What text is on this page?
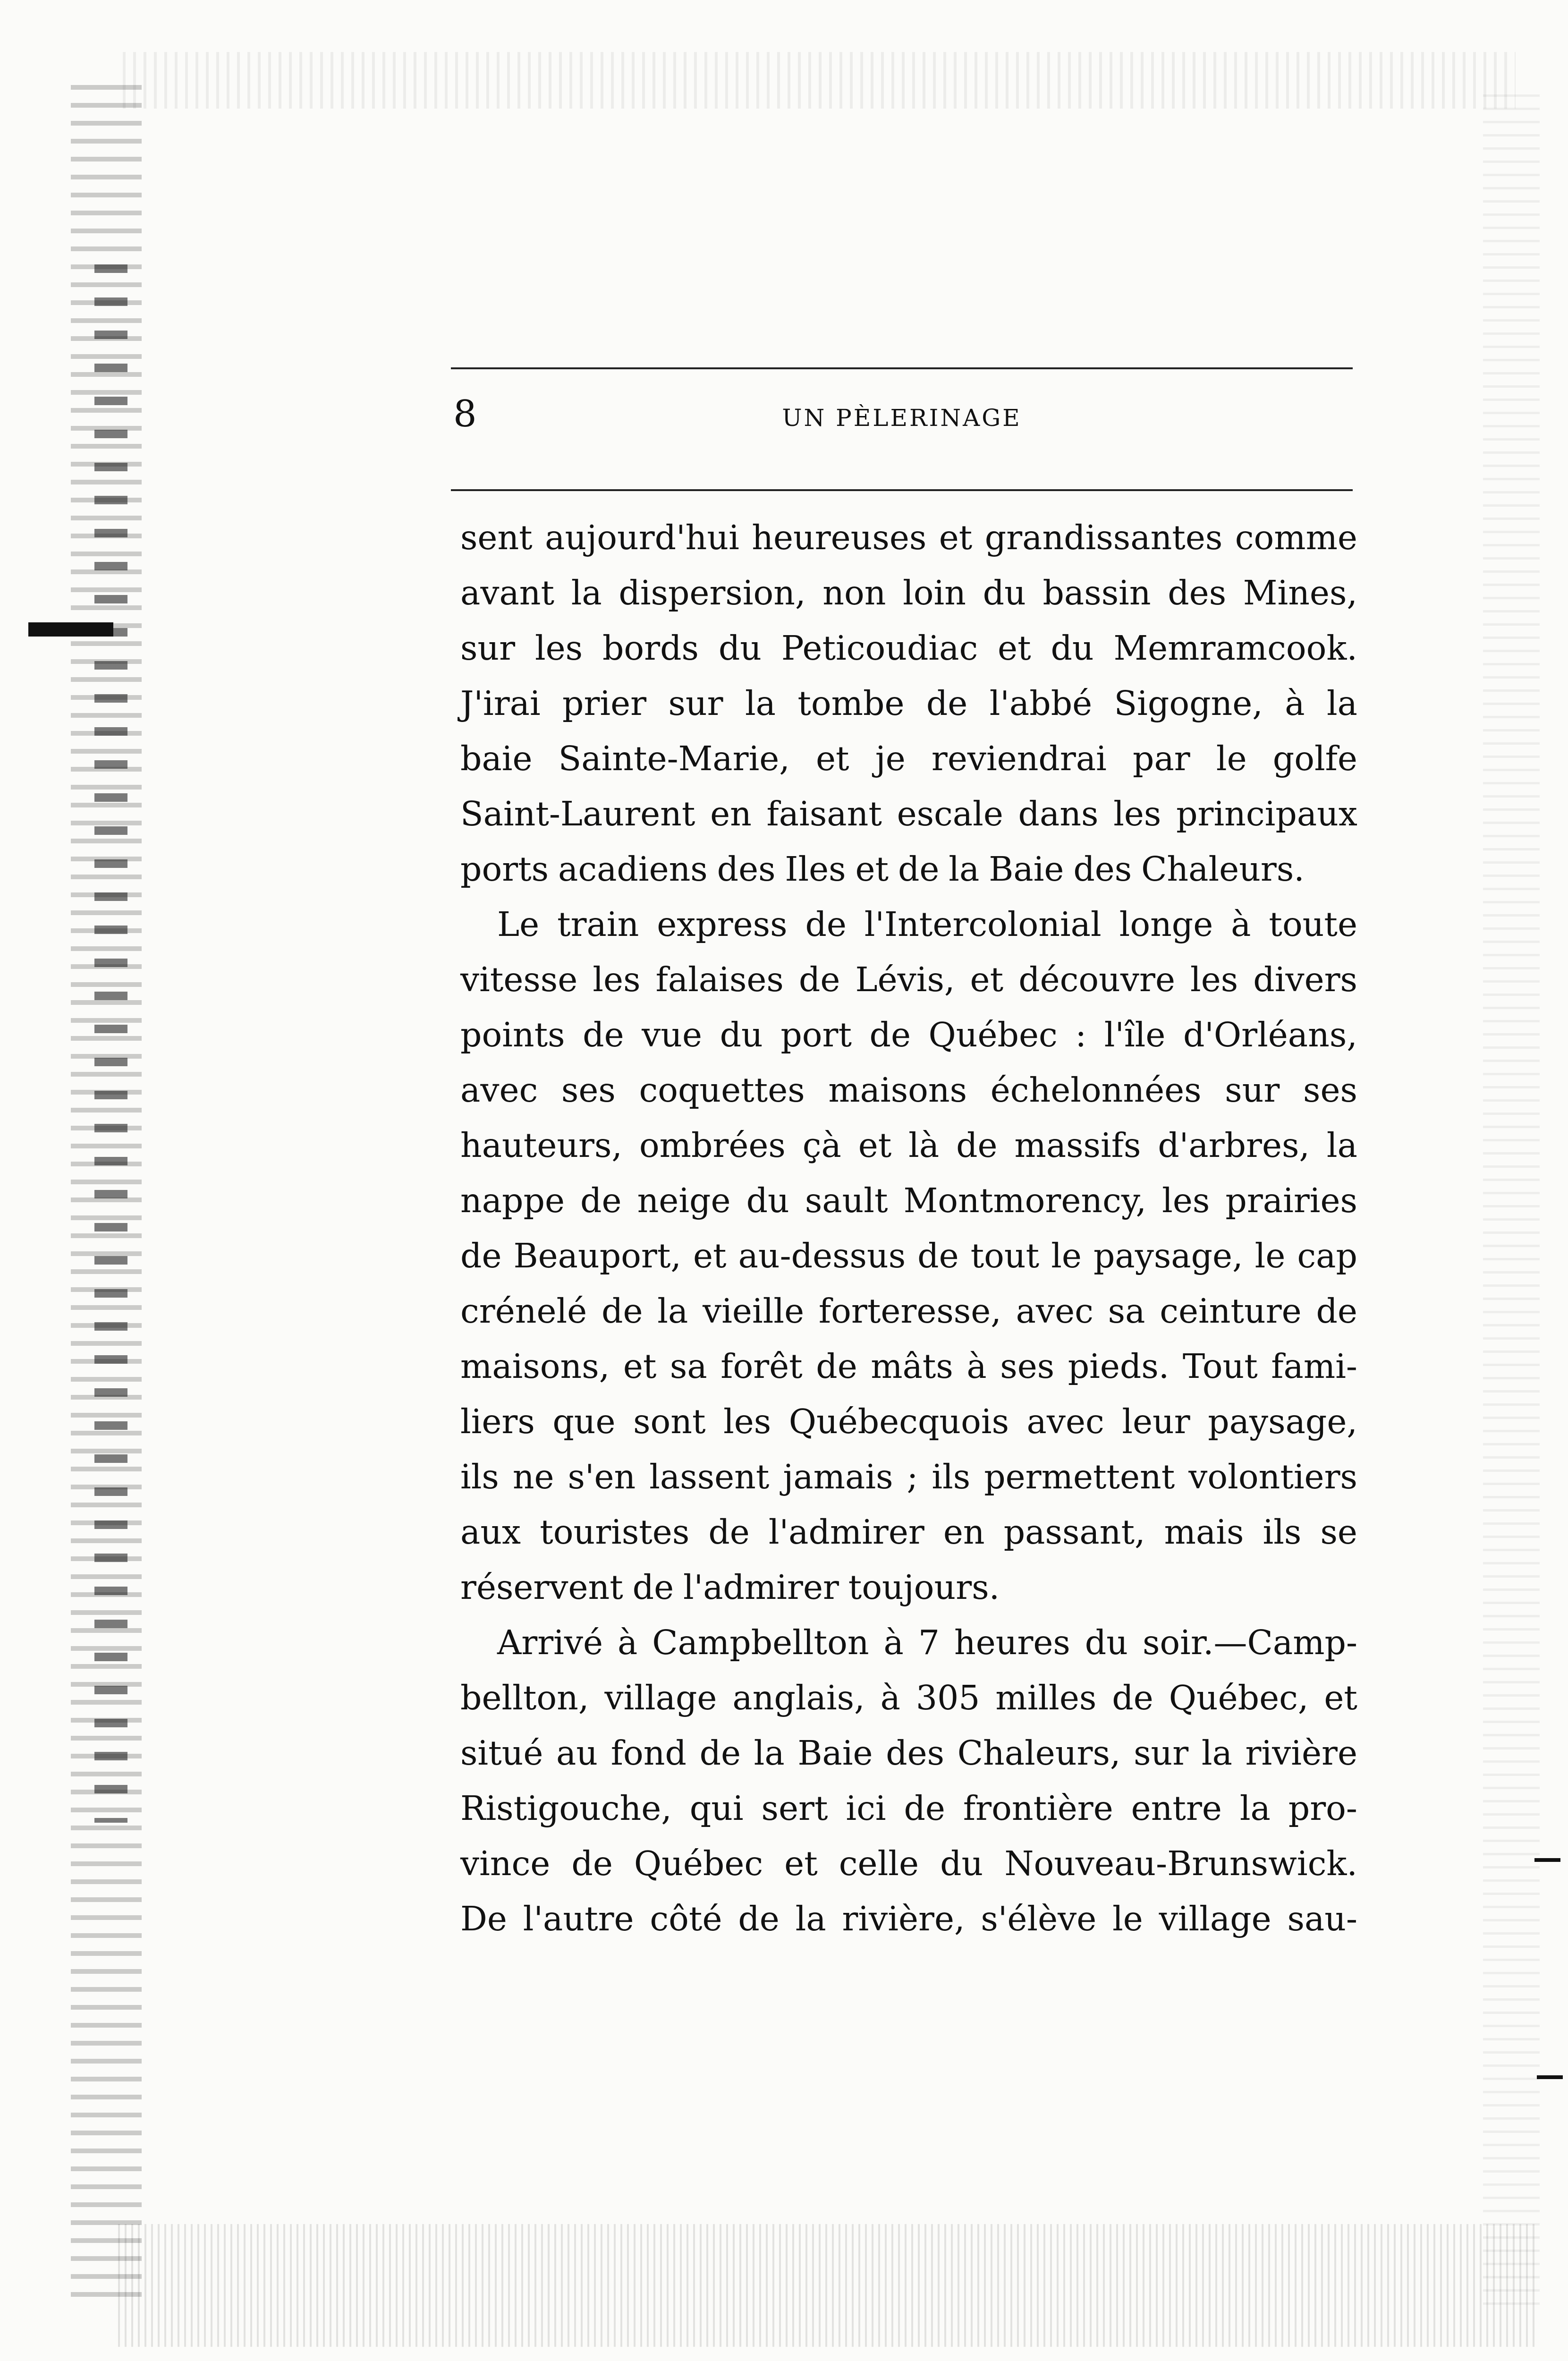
8	UN PÈLERINAGE
sent aujourd'hui heureuses et grandissantes comme
avant la dispersion, non loin du bassin des Mines,
sur les bords du Peticoudiac et du Memramcook.
J'irai prier sur la tombe de l'abbé Sigogne, à la
baie Sainte-Marie, et je reviendrai par le golfe
Saint-Laurent en faisant escale dans les principaux
ports acadiens des Iles et de la Baie des Chaleurs.
Le train express de l'Intercolonial longe à toute
vitesse les falaises de Lévis, et découvre les divers
points de vue du port de Québec : l'île d'Orléans,
avec ses coquettes maisons échelonnées sur ses
hauteurs, ombrées çà et là de massifs d'arbres, la
nappe de neige du sault Montmorency, les prairies
de Beauport, et au-dessus de tout le paysage, le cap
crénelé de la vieille forteresse, avec sa ceinture de
maisons, et sa forêt de mâts à ses pieds. Tout fami-
liers que sont les Québecquois avec leur paysage,
ils ne s'en lassent jamais ; ils permettent volontiers
aux touristes de l'admirer en passant, mais ils se
réservent de l'admirer toujours.
Arrivé à Campbellton à 7 heures du soir.—Camp-
bellton, village anglais, à 305 milles de Québec, et
situé au fond de la Baie des Chaleurs, sur la rivière
Ristigouche, qui sert ici de frontière entre la pro-
vince de Québec et celle du Nouveau-Brunswick.
De l'autre côté de la rivière, s'élève le village sau-
